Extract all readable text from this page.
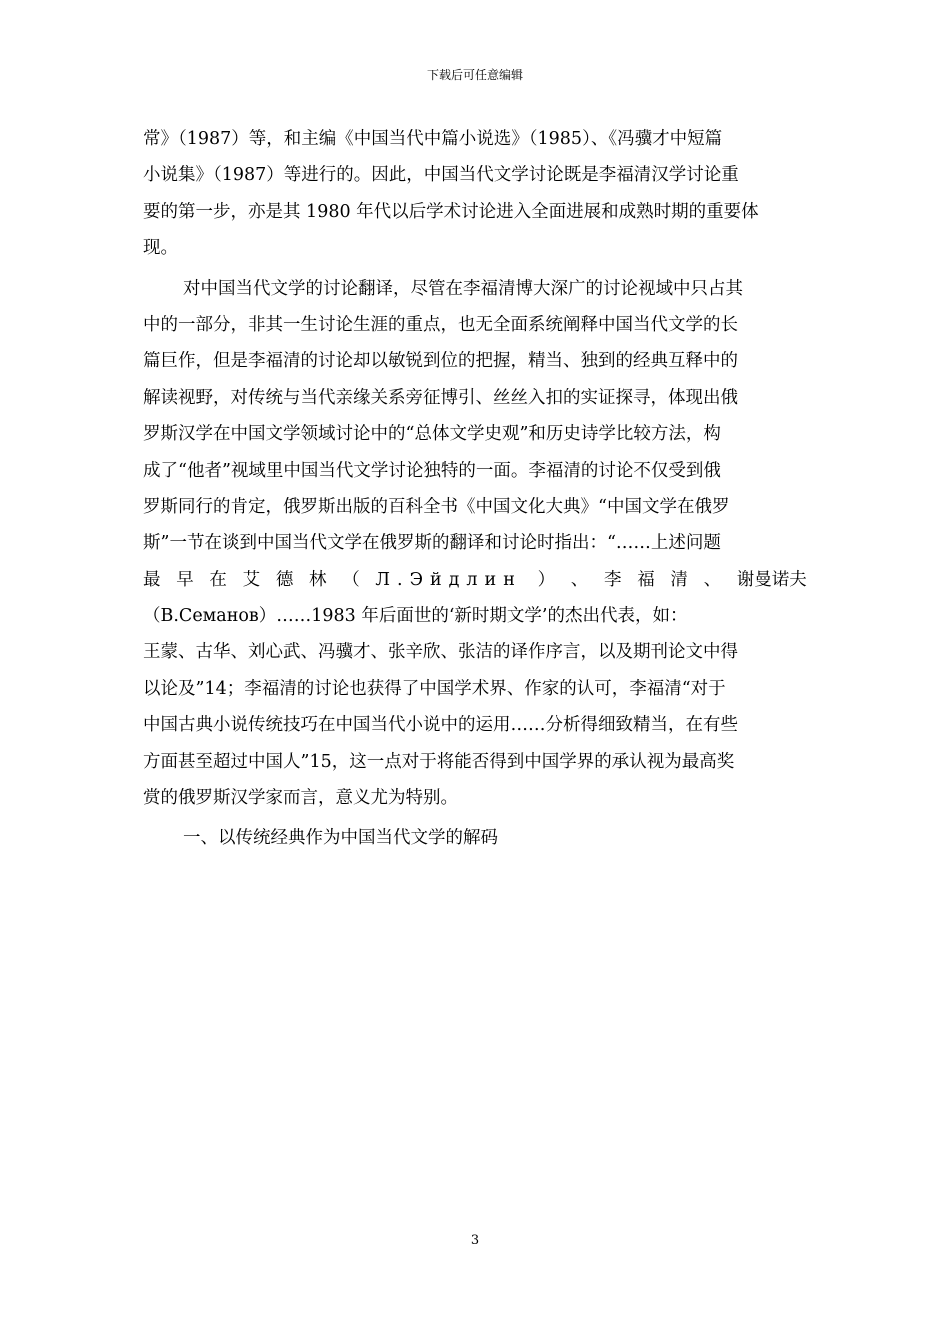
下载后可任意编辑
常》（1987）等，和主编《中国当代中篇小说选》（1985）、《冯骥才中短篇
小说集》（1987）等进行的。因此，中国当代文学讨论既是李福清汉学讨论重
要的第一步，亦是其 1980 年代以后学术讨论进入全面进展和成熟时期的重要体
现。
对中国当代文学的讨论翻译，尽管在李福清博大深广的讨论视域中只占其
中的一部分，非其一生讨论生涯的重点，也无全面系统阐释中国当代文学的长
篇巨作，但是李福清的讨论却以敏锐到位的把握，精当、独到的经典互释中的
解读视野，对传统与当代亲缘关系旁征博引、丝丝入扣的实证探寻，体现出俄
罗斯汉学在中国文学领域讨论中的“总体文学史观”和历史诗学比较方法，构
成了“他者”视域里中国当代文学讨论独特的一面。李福清的讨论不仅受到俄
罗斯同行的肯定，俄罗斯出版的百科全书《中国文化大典》“中国文学在俄罗
斯”一节在谈到中国当代文学在俄罗斯的翻译和讨论时指出：“……上述问题
最 早 在 艾 德 林 （ Л.Эйдлин ） 、 李 福 清 、 谢曼诺夫
（В.Семанов）……1983 年后面世的‘新时期文学’的杰出代表，如：
王蒙、古华、刘心武、冯骥才、张辛欣、张洁的译作序言，以及期刊论文中得
以论及”14；李福清的讨论也获得了中国学术界、作家的认可，李福清“对于
中国古典小说传统技巧在中国当代小说中的运用……分析得细致精当，在有些
方面甚至超过中国人”15，这一点对于将能否得到中国学界的承认视为最高奖
赏的俄罗斯汉学家而言，意义尤为特别。
一、以传统经典作为中国当代文学的解码
3
